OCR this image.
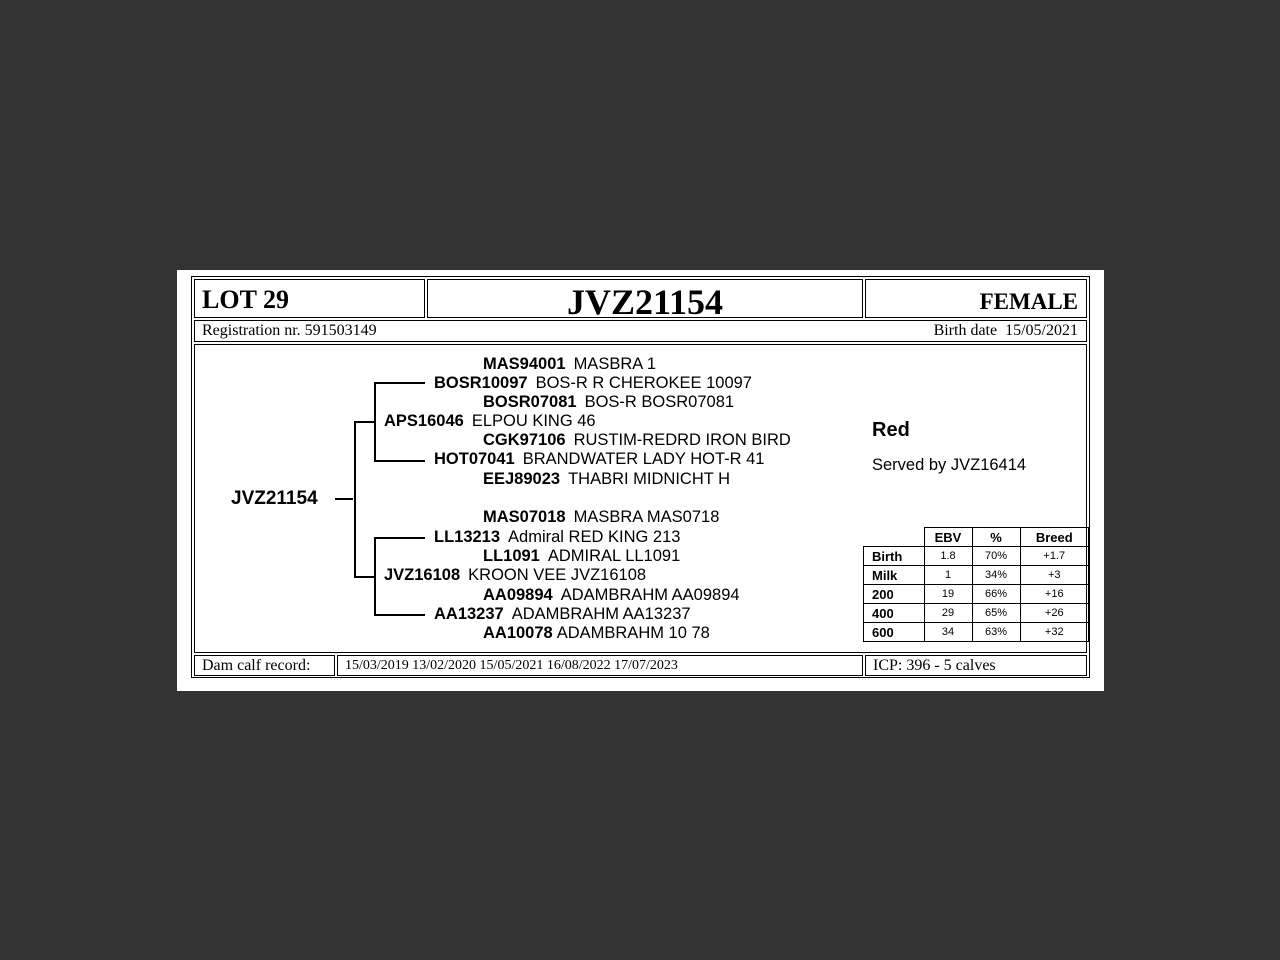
LOT 29	JVZ21154	FEMALE
Registration nr. 591503149	Birth date 15/05/2021
JVZ21154
MAS94001 MASBRA 1
BOSR10097 BOS-R R CHEROKEE 10097
BOSR07081 BOS-R BOSR07081
APS16046 ELPOU KING 46
CGK97106 RUSTIM-REDRD IRON BIRD
HOT07041 BRANDWATER LADY HOT-R 41
EEJ89023 THABRI MIDNICHT H
MAS07018 MASBRA MAS0718
LL13213 Admiral RED KING 213
LL1091 ADMIRAL LL1091
JVZ16108 KROON VEE JVZ16108
AA09894 ADAMBRAHM AA09894
AA13237 ADAMBRAHM AA13237
AA10078 ADAMBRAHM 10 78
Red
Served by JVZ16414
	EBV	%	Breed
Birth	1.8	70%	+1.7
Milk	1	34%	+3
200	19	66%	+16
400	29	65%	+26
600	34	63%	+32
Dam calf record: 15/03/2019 13/02/2020 15/05/2021 16/08/2022 17/07/2023	ICP: 396 - 5 calves
